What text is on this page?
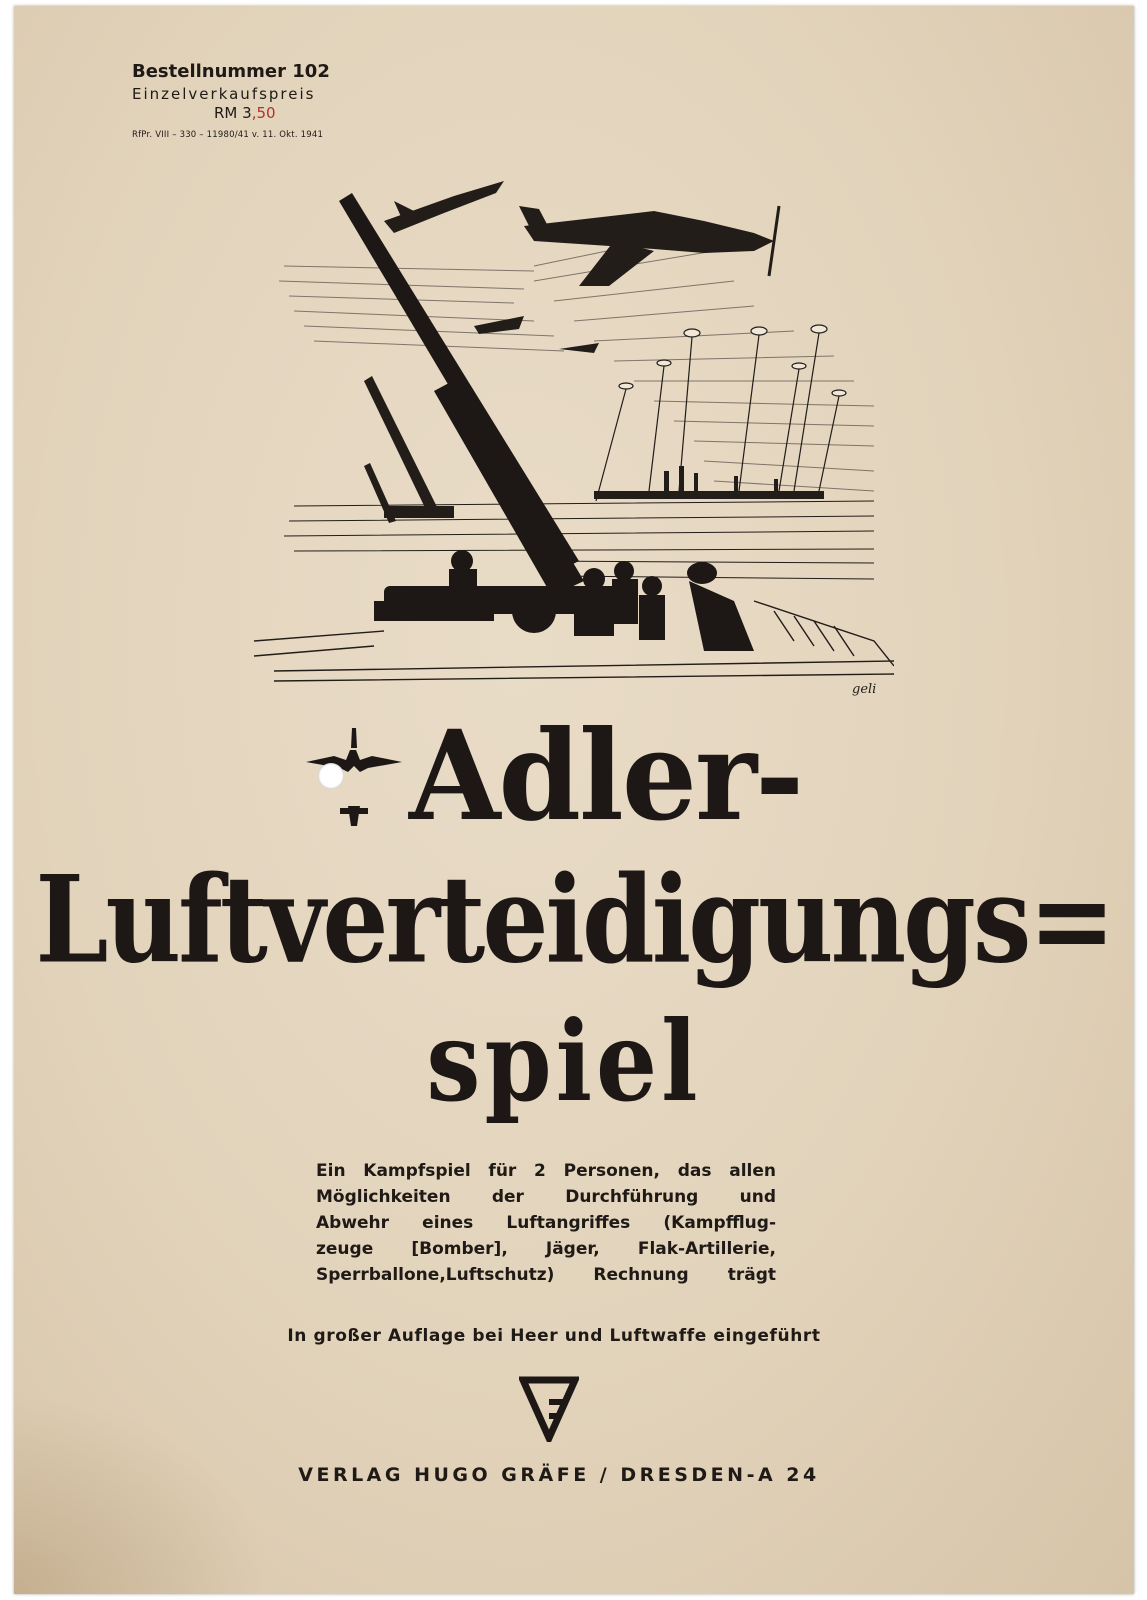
Bestellnummer 102
Einzelverkaufspreis
RM 3,50
RfPr. VIII – 330 – 11980/41 v. 11. Okt. 1941
geli
Adler-
Luftverteidigungs=
spiel
Ein Kampfspiel für 2 Personen, das allen
Möglichkeiten der Durchführung und
Abwehr eines Luftangriffes (Kampfflug-
zeuge [Bomber], Jäger, Flak-Artillerie,
Sperrballone,Luftschutz) Rechnung trägt
In großer Auflage bei Heer und Luftwaffe eingeführt
VERLAG HUGO GRÄFE / DRESDEN-A 24
